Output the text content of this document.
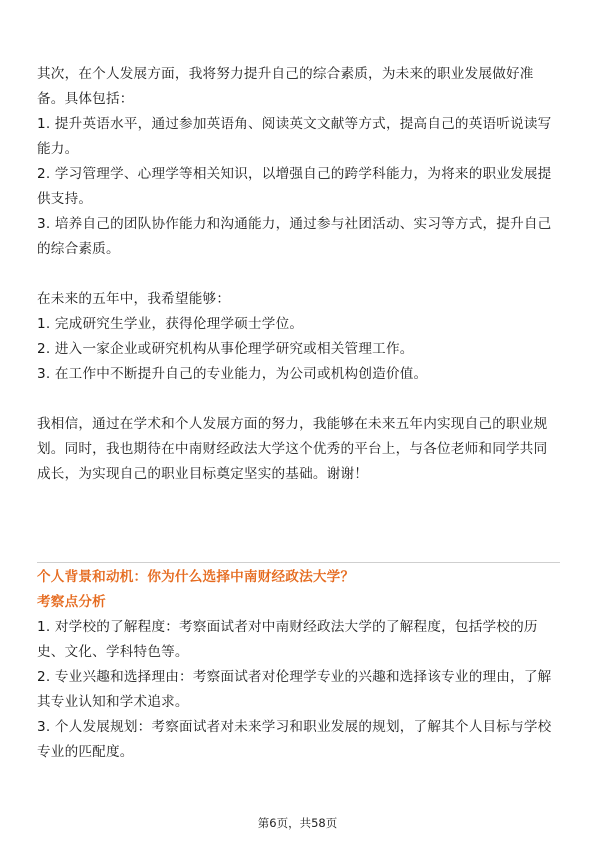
其次，在个人发展方面，我将努力提升自己的综合素质，为未来的职业发展做好准备。具体包括：

1. 提升英语水平，通过参加英语角、阅读英文文献等方式，提高自己的英语听说读写能力。

2. 学习管理学、心理学等相关知识，以增强自己的跨学科能力，为将来的职业发展提供支持。

3. 培养自己的团队协作能力和沟通能力，通过参与社团活动、实习等方式，提升自己的综合素质。

在未来的五年中，我希望能够：

1. 完成研究生学业，获得伦理学硕士学位。

2. 进入一家企业或研究机构从事伦理学研究或相关管理工作。

3. 在工作中不断提升自己的专业能力，为公司或机构创造价值。

我相信，通过在学术和个人发展方面的努力，我能够在未来五年内实现自己的职业规划。同时，我也期待在中南财经政法大学这个优秀的平台上，与各位老师和同学共同成长，为实现自己的职业目标奠定坚实的基础。谢谢！

个人背景和动机：你为什么选择中南财经政法大学？

考察点分析

1. 对学校的了解程度：考察面试者对中南财经政法大学的了解程度，包括学校的历史、文化、学科特色等。

2. 专业兴趣和选择理由：考察面试者对伦理学专业的兴趣和选择该专业的理由，了解其专业认知和学术追求。

3. 个人发展规划：考察面试者对未来学习和职业发展的规划，了解其个人目标与学校专业的匹配度。

第6页，共58页
